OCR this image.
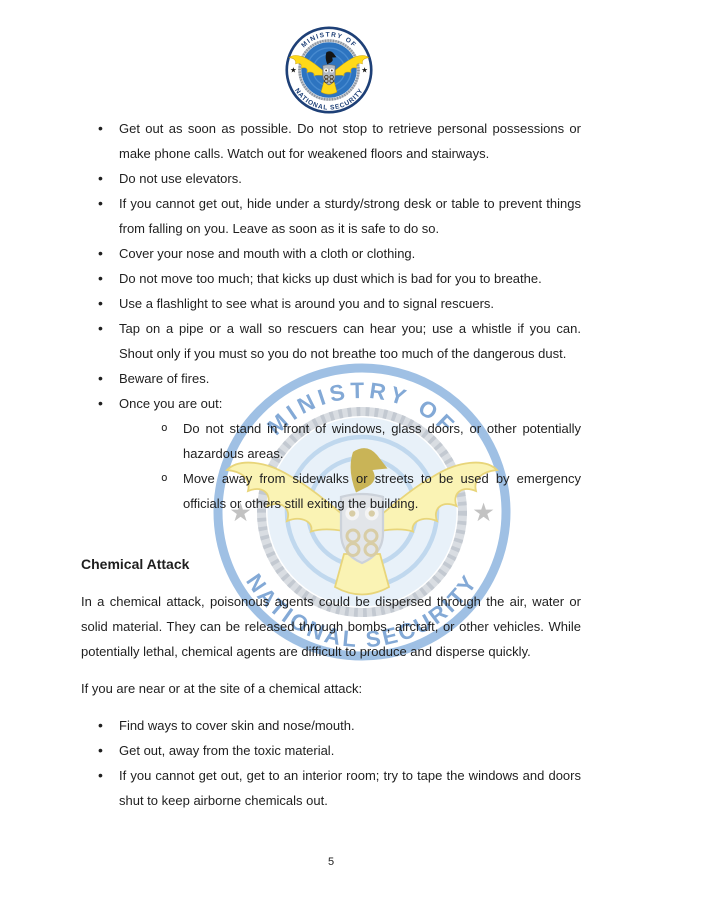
• Get out as soon as possible. Do not stop to retrieve personal possessions or make phone calls. Watch out for weakened floors and stairways.
• Do not use elevators.
• If you cannot get out, hide under a sturdy/strong desk or table to prevent things from falling on you. Leave as soon as it is safe to do so.
• Cover your nose and mouth with a cloth or clothing.
• Do not move too much; that kicks up dust which is bad for you to breathe.
• Use a flashlight to see what is around you and to signal rescuers.
• Tap on a pipe or a wall so rescuers can hear you; use a whistle if you can. Shout only if you must so you do not breathe too much of the dangerous dust.
• Beware of fires.
• Once you are out:
o Do not stand in front of windows, glass doors, or other potentially hazardous areas.
o Move away from sidewalks or streets to be used by emergency officials or others still exiting the building.
Chemical Attack

In a chemical attack, poisonous agents could be dispersed through the air, water or solid material. They can be released through bombs, aircraft, or other vehicles. While potentially lethal, chemical agents are difficult to produce and disperse quickly.

If you are near or at the site of a chemical attack:

• Find ways to cover skin and nose/mouth.
• Get out, away from the toxic material.
• If you cannot get out, get to an interior room; try to tape the windows and doors shut to keep airborne chemicals out.
5
